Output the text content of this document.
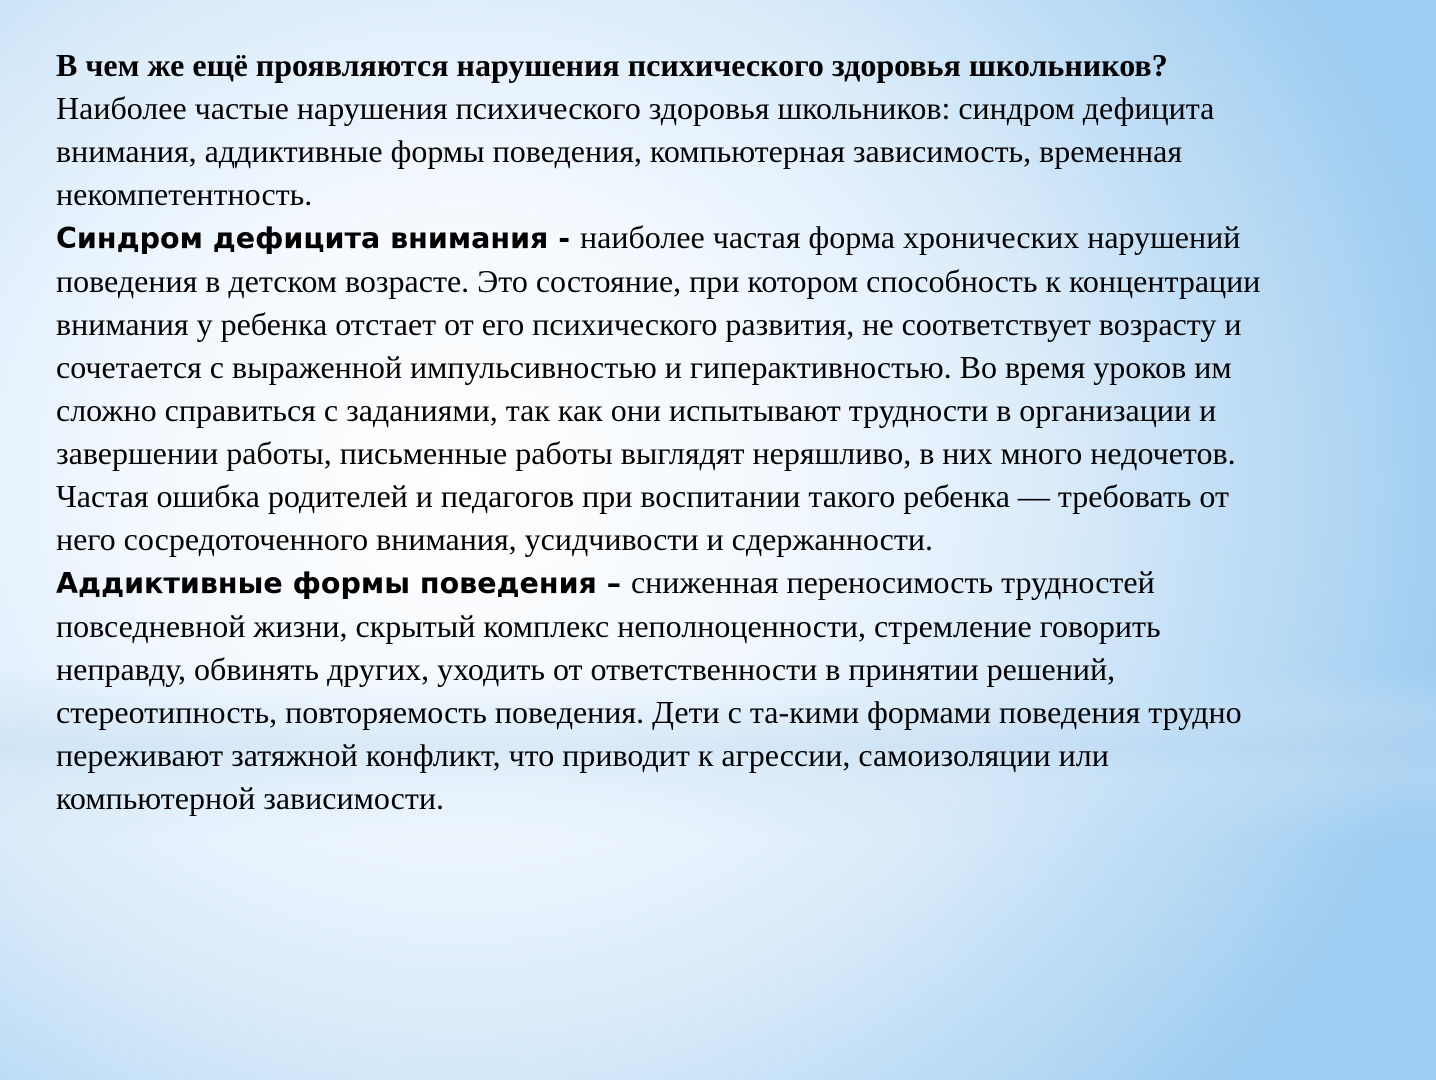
В чем же ещё проявляются нарушения психического здоровья школьников?

Наиболее частые нарушения психического здоровья школьников: синдром дефицита внимания, аддиктивные формы поведения, компьютерная зависимость, временная некомпетентность.

Синдром дефицита внимания - наиболее частая форма хронических нарушений поведения в детском возрасте. Это состояние, при котором способность к концентрации внимания у ребенка отстает от его психического развития, не соответствует возрасту и сочетается с выраженной импульсивностью и гиперактивностью. Во время уроков им сложно справиться с заданиями, так как они испытывают трудности в организации и завершении работы, письменные работы выглядят неряшливо, в них много недочетов. Частая ошибка родителей и педагогов при воспитании такого ребенка — требовать от него сосредоточенного внимания, усидчивости и сдержанности.

Аддиктивные формы поведения – сниженная переносимость трудностей повседневной жизни, скрытый комплекс неполноценности, стремление говорить неправду, обвинять других, уходить от ответственности в принятии решений, стереотипность, повторяемость поведения. Дети с та-кими формами поведения трудно переживают затяжной конфликт, что приводит к агрессии, самоизоляции или компьютерной зависимости.
